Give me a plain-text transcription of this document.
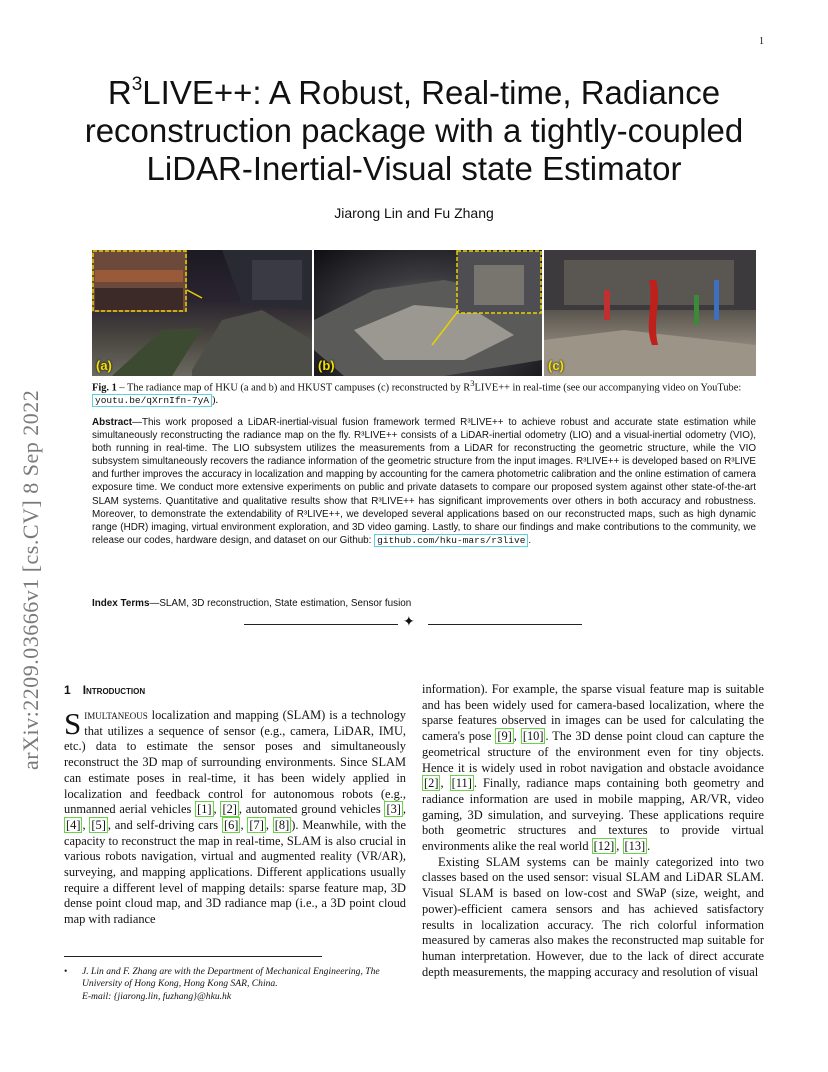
1
arXiv:2209.03666v1 [cs.CV] 8 Sep 2022
$R^3LIVE++$: A Robust, Real-time, Radiance
reconstruction package with a tightly-coupled
LiDAR-Inertial-Visual state Estimator
Jiarong Lin and Fu Zhang
(a)	(b)	(c)
Fig. 1 – The radiance map of HKU (a and b) and HKUST campuses (c) reconstructed by $R^3LIVE++$ in real-time (see our accompanying video on YouTube: youtu.be/qXrnIfn-7yA ).
Abstract—This work proposed a LiDAR-inertial-visual fusion framework termed R³LIVE++ to achieve robust and accurate state estimation while simultaneously reconstructing the radiance map on the fly. R³LIVE++ consists of a LiDAR-inertial odometry (LIO) and a visual-inertial odometry (VIO), both running in real-time. The LIO subsystem utilizes the measurements from a LiDAR for reconstructing the geometric structure, while the VIO subsystem simultaneously recovers the radiance information of the geometric structure from the input images. R³LIVE++ is developed based on R³LIVE and further improves the accuracy in localization and mapping by accounting for the camera photometric calibration and the online estimation of camera exposure time. We conduct more extensive experiments on public and private datasets to compare our proposed system against other state-of-the-art SLAM systems. Quantitative and qualitative results show that R³LIVE++ has significant improvements over others in both accuracy and robustness. Moreover, to demonstrate the extendability of R³LIVE++, we developed several applications based on our reconstructed maps, such as high dynamic range (HDR) imaging, virtual environment exploration, and 3D video gaming. Lastly, to share our findings and make contributions to the community, we release our codes, hardware design, and dataset on our Github: github.com/hku-mars/r3live .
Index Terms—SLAM, 3D reconstruction, State estimation, Sensor fusion
✦
1 Introduction
Simultaneous localization and mapping (SLAM) is a technology that utilizes a sequence of sensor (e.g., camera, LiDAR, IMU, etc.) data to estimate the sensor poses and simultaneously reconstruct the 3D map of surrounding environments. Since SLAM can estimate poses in real-time, it has been widely applied in localization and feedback control for autonomous robots (e.g., unmanned aerial vehicles [1] , [2] , automated ground vehicles [3] , [4] , [5] , and self-driving cars [6] , [7] , [8] ). Meanwhile, with the capacity to reconstruct the map in real-time, SLAM is also crucial in various robots navigation, virtual and augmented reality (VR/AR), surveying, and mapping applications. Different applications usually require a different level of mapping details: sparse feature map, 3D dense point cloud map, and 3D radiance map (i.e., a 3D point cloud map with radiance
information). For example, the sparse visual feature map is suitable and has been widely used for camera-based localization, where the sparse features observed in images can be used for calculating the camera's pose [9] , [10] . The 3D dense point cloud can capture the geometrical structure of the environment even for tiny objects. Hence it is widely used in robot navigation and obstacle avoidance [2] , [11] . Finally, radiance maps containing both geometry and radiance information are used in mobile mapping, AR/VR, video gaming, 3D simulation, and surveying. These applications require both geometric structures and textures to provide virtual environments alike the real world [12] , [13] .
Existing SLAM systems can be mainly categorized into two classes based on the used sensor: visual SLAM and LiDAR SLAM. Visual SLAM is based on low-cost and SWaP (size, weight, and power)-efficient camera sensors and has achieved satisfactory results in localization accuracy. The rich colorful information measured by cameras also makes the reconstructed map suitable for human interpretation. However, due to the lack of direct accurate depth measurements, the mapping accuracy and resolution of visual
• J. Lin and F. Zhang are with the Department of Mechanical Engineering, The University of Hong Kong, Hong Kong SAR, China.
E-mail: {jiarong.lin, fuzhang}@hku.hk
